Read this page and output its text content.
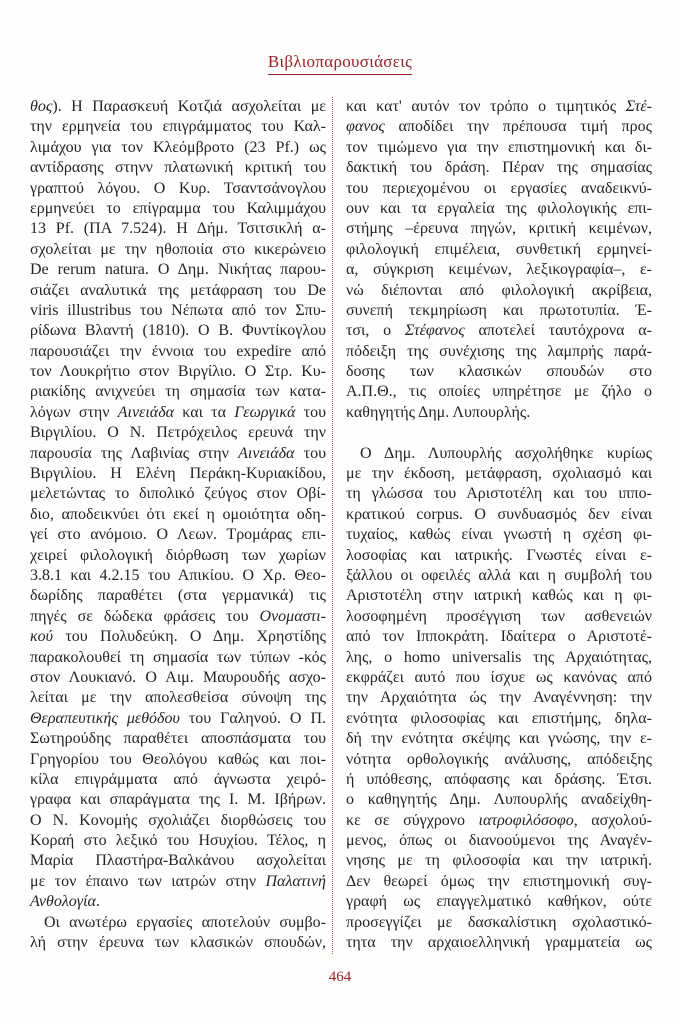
Βιβλιοπαρουσιάσεις
θος). Η Παρασκευή Κοτζιά ασχολείται με
την ερμηνεία του επιγράμματος του Καλ-
λιμάχου για τον Κλεόμβροτο (23 Pf.) ως
αντίδρασης στηνν πλατωνική κριτική του
γραπτού λόγου. Ο Κυρ. Τσαντσάνογλου
ερμηνεύει το επίγραμμα του Καλιμμάχου
13 Pf. (ΠΑ 7.524). Η Δήμ. Τσιτσικλή α-
σχολείται με την ηθοποιία στο κικερώνειο
De rerum natura. Ο Δημ. Νικήτας παρου-
σιάζει αναλυτικά της μετάφραση του De
viris illustribus του Νέπωτα από τον Σπυ-
ρίδωνα Βλαντή (1810). Ο Β. Φυντίκογλου
παρουσιάζει την έννοια του expedire από
τον Λουκρήτιο στον Βιργίλιο. Ο Στρ. Κυ-
ριακίδης ανιχνεύει τη σημασία των κατα-
λόγων στην Αινειάδα και τα Γεωργικά του
Βιργιλίου. Ο Ν. Πετρόχειλος ερευνά την
παρουσία της Λαβινίας στην Αινειάδα του
Βιργιλίου. Η Ελένη Περάκη-Κυριακίδου,
μελετώντας το διπολικό ζεύγος στον Οβί-
διο, αποδεικνύει ότι εκεί η ομοιότητα οδη-
γεί στο ανόμοιο. Ο Λεων. Τρομάρας επι-
χειρεί φιλολογική διόρθωση των χωρίων
3.8.1 και 4.2.15 του Απικίου. Ο Χρ. Θεο-
δωρίδης παραθέτει (στα γερμανικά) τις
πηγές σε δώδεκα φράσεις του Ονομαστι-
κού του Πολυδεύκη. Ο Δημ. Χρηστίδης
παρακολουθεί τη σημασία των τύπων -κός
στον Λουκιανό. Ο Αιμ. Μαυρουδής ασχο-
λείται με την απολεσθείσα σύνοψη της
Θεραπευτικής μεθόδου του Γαληνού. Ο Π.
Σωτηρούδης παραθέτει αποσπάσματα του
Γρηγορίου του Θεολόγου καθώς και ποι-
κίλα επιγράμματα από άγνωστα χειρό-
γραφα και σπαράγματα της Ι. Μ. Ιβήρων.
Ο Ν. Κονομής σχολιάζει διορθώσεις του
Κοραή στο λεξικό του Ησυχίου. Τέλος, η
Μαρία Πλαστήρα-Βαλκάνου ασχολείται
με τον έπαινο των ιατρών στην Παλατινή
Ανθολογία.
Οι ανωτέρω εργασίες αποτελούν συμβο-
λή στην έρευνα των κλασικών σπουδών,
και κατ' αυτόν τον τρόπο ο τιμητικός Στέ-
φανος αποδίδει την πρέπουσα τιμή προς
τον τιμώμενο για την επιστημονική και δι-
δακτική του δράση. Πέραν της σημασίας
του περιεχομένου οι εργασίες αναδεικνύ-
ουν και τα εργαλεία της φιλολογικής επι-
στήμης –έρευνα πηγών, κριτική κειμένων,
φιλολογική επιμέλεια, συνθετική ερμηνεί-
α, σύγκριση κειμένων, λεξικογραφία–, ε-
νώ διέπονται από φιλολογική ακρίβεια,
συνεπή τεκμηρίωση και πρωτοτυπία. Έ-
τσι, ο Στέφανος αποτελεί ταυτόχρονα α-
πόδειξη της συνέχισης της λαμπρής παρά-
δοσης των κλασικών σπουδών στο
Α.Π.Θ., τις οποίες υπηρέτησε με ζήλο ο
καθηγητής Δημ. Λυπουρλής.
Ο Δημ. Λυπουρλής ασχολήθηκε κυρίως
με την έκδοση, μετάφραση, σχολιασμό και
τη γλώσσα του Αριστοτέλη και του ιππο-
κρατικού corpus. Ο συνδυασμός δεν είναι
τυχαίος, καθώς είναι γνωστή η σχέση φι-
λοσοφίας και ιατρικής. Γνωστές είναι ε-
ξάλλου οι οφειλές αλλά και η συμβολή του
Αριστοτέλη στην ιατρική καθώς και η φι-
λοσοφημένη προσέγγιση των ασθενειών
από τον Ιπποκράτη. Ιδαίτερα ο Αριστοτέ-
λης, ο homo universalis της Αρχαιότητας,
εκφράζει αυτό που ίσχυε ως κανόνας από
την Αρχαιότητα ώς την Αναγέννηση: την
ενότητα φιλοσοφίας και επιστήμης, δηλα-
δή την ενότητα σκέψης και γνώσης, την ε-
νότητα ορθολογικής ανάλυσης, απόδειξης
ή υπόθεσης, απόφασης και δράσης. Έτσι.
ο καθηγητής Δημ. Λυπουρλής αναδείχθη-
κε σε σύγχρονο ιατροφιλόσοφο, ασχολού-
μενος, όπως οι διανοούμενοι της Αναγέν-
νησης με τη φιλοσοφία και την ιατρική.
Δεν θεωρεί όμως την επιστημονική συγ-
γραφή ως επαγγελματικό καθήκον, ούτε
προσεγγίζει με δασκαλίστικη σχολαστικό-
τητα την αρχαιοελληνική γραμματεία ως
464
